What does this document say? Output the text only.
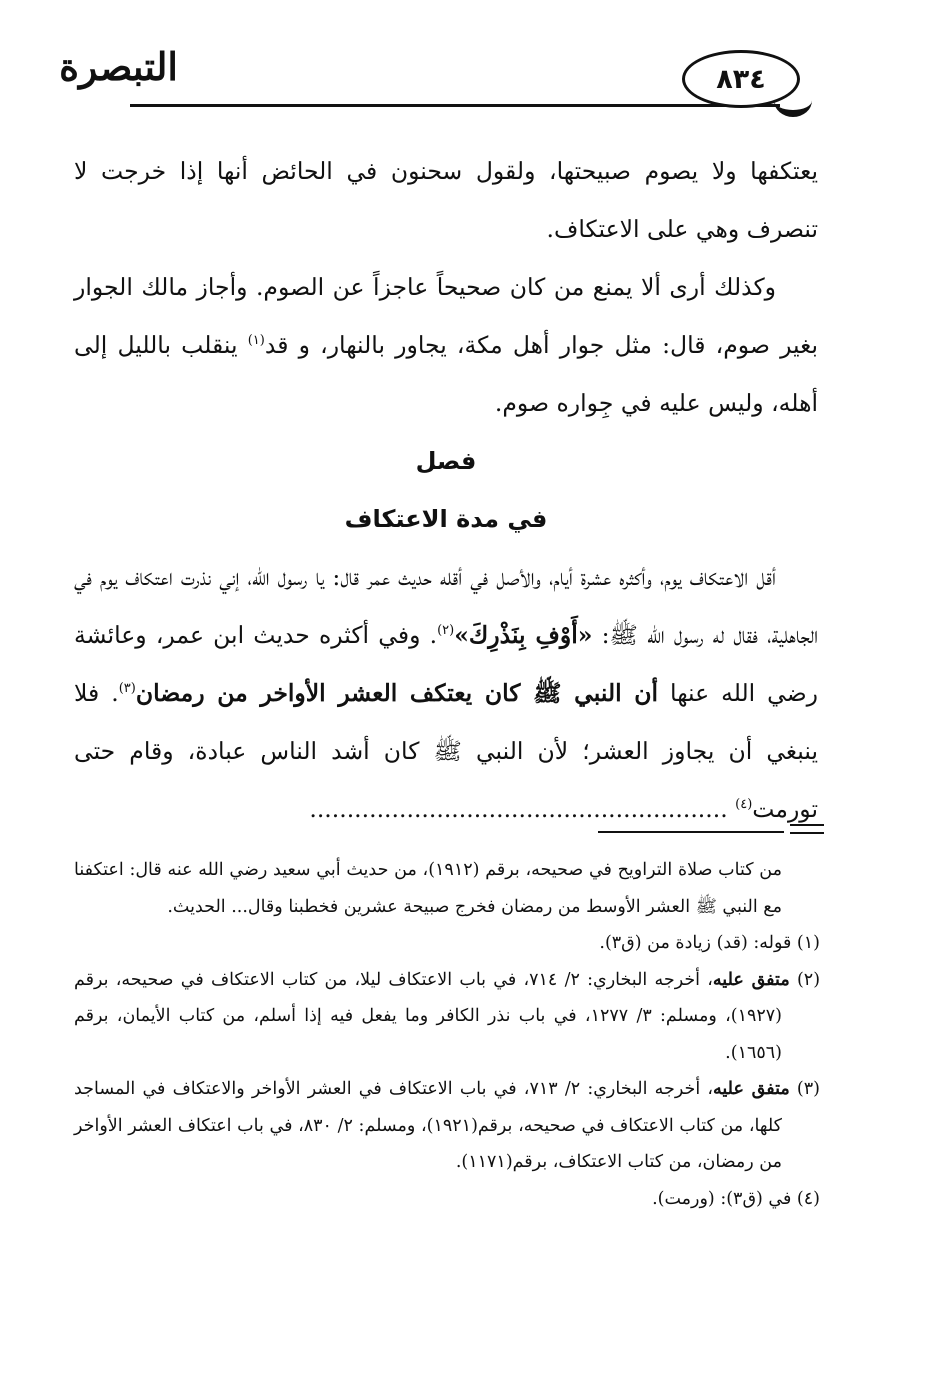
التبصرة	٨٣٤

يعتكفها ولا يصوم صبيحتها، ولقول سحنون في الحائض أنها إذا خرجت لا تنصرف وهي على الاعتكاف.

وكذلك أرى ألا يمنع من كان صحيحاً عاجزاً عن الصوم. وأجاز مالك الجوار بغير صوم، قال: مثل جوار أهل مكة، يجاور بالنهار، و قد$^{(١)}$ ينقلب بالليل إلى أهله، وليس عليه في جِواره صوم.

فصل

في مدة الاعتكاف

أقل الاعتكاف يوم، وأكثره عشرة أيام، والأصل في أقله حديث عمر قال: يا رسول الله، إني نذرت اعتكاف يوم في الجاهلية، فقال له رسول الله ﷺ: «أَوْفِ بِنَذْرِكَ»$^{(٢)}$. وفي أكثره حديث ابن عمر، وعائشة رضي الله عنها أن النبي ﷺ كان يعتكف العشر الأواخر من رمضان$^{(٣)}$. فلا ينبغي أن يجاوز العشر؛ لأن النبي ﷺ كان أشد الناس عبادة، وقام حتى تورمت$^{(٤)}$ ........................................................

من كتاب صلاة التراويح في صحيحه، برقم (١٩١٢)، من حديث أبي سعيد رضي الله عنه قال: اعتكفنا مع النبي ﷺ العشر الأوسط من رمضان فخرج صبيحة عشرين فخطبنا وقال... الحديث.

(١) قوله: (قد) زيادة من (ق٣).

(٢) متفق عليه، أخرجه البخاري: ٢/ ٧١٤، في باب الاعتكاف ليلا، من كتاب الاعتكاف في صحيحه، برقم (١٩٢٧)، ومسلم: ٣/ ١٢٧٧، في باب نذر الكافر وما يفعل فيه إذا أسلم، من كتاب الأيمان، برقم (١٦٥٦).

(٣) متفق عليه، أخرجه البخاري: ٢/ ٧١٣، في باب الاعتكاف في العشر الأواخر والاعتكاف في المساجد كلها، من كتاب الاعتكاف في صحيحه، برقم(١٩٢١)، ومسلم: ٢/ ٨٣٠، في باب اعتكاف العشر الأواخر من رمضان، من كتاب الاعتكاف، برقم(١١٧١).

(٤) في (ق٣): (ورمت).
